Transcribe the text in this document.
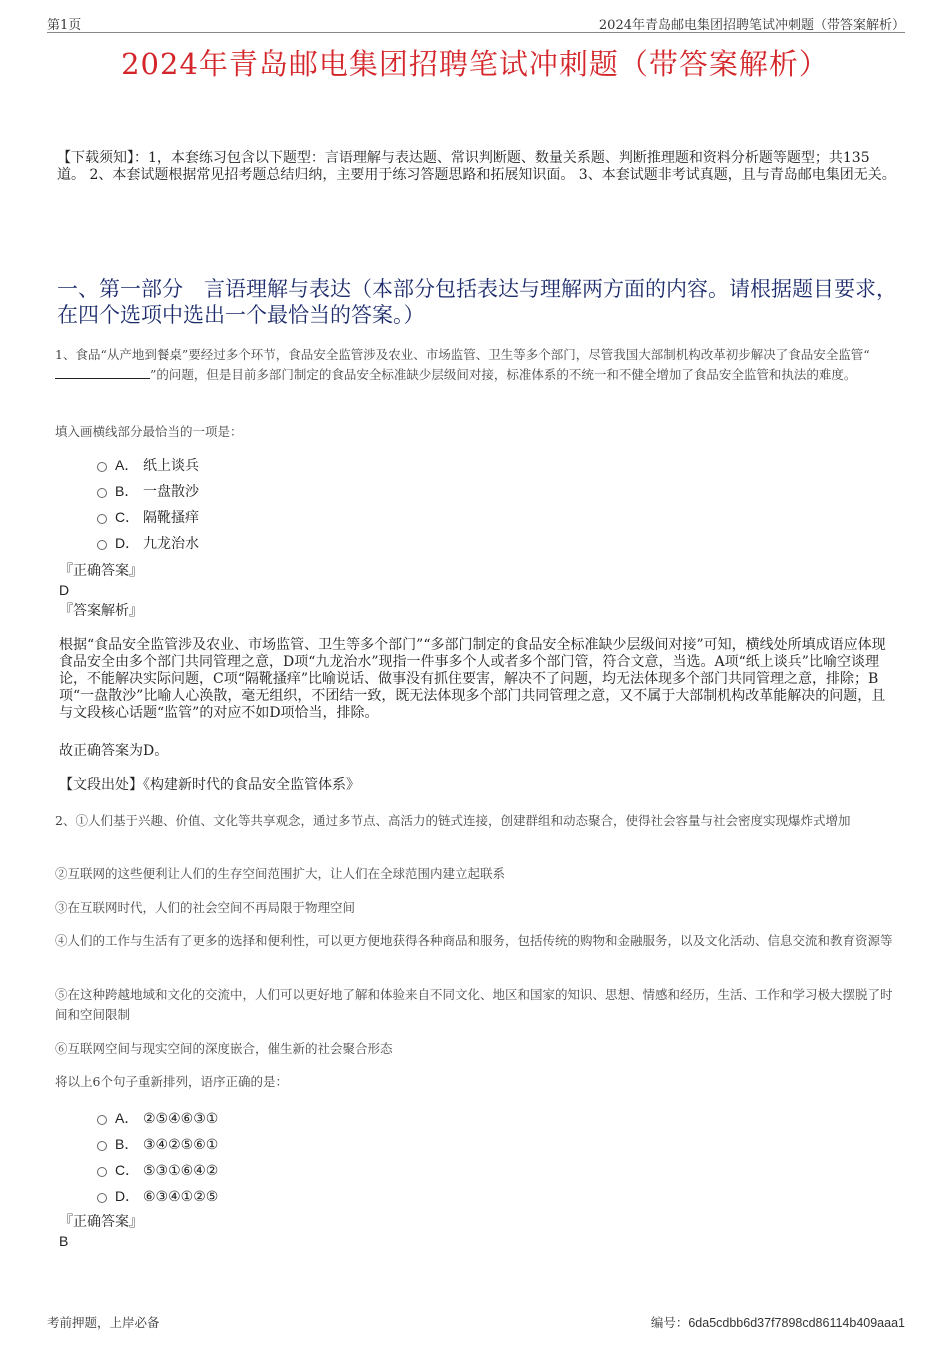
第1页	2024年青岛邮电集团招聘笔试冲刺题（带答案解析）
2024年青岛邮电集团招聘笔试冲刺题（带答案解析）
【下载须知】：1，本套练习包含以下题型：言语理解与表达题、常识判断题、数量关系题、判断推理题和资料分析题等题型；共135道。 2、本套试题根据常见招考题总结归纳，主要用于练习答题思路和拓展知识面。 3、本套试题非考试真题，且与青岛邮电集团无关。
一、第一部分　言语理解与表达（本部分包括表达与理解两方面的内容。请根据题目要求，在四个选项中选出一个最恰当的答案。）
1、食品“从产地到餐桌”要经过多个环节，食品安全监管涉及农业、市场监管、卫生等多个部门，尽管我国大部制机构改革初步解决了食品安全监管“”的问题，但是目前多部门制定的食品安全标准缺少层级间对接，标准体系的不统一和不健全增加了食品安全监管和执法的难度。
填入画横线部分最恰当的一项是：
A． 纸上谈兵
B． 一盘散沙
C． 隔靴搔痒
D． 九龙治水
『正确答案』
D
『答案解析』
根据“食品安全监管涉及农业、市场监管、卫生等多个部门”“多部门制定的食品安全标准缺少层级间对接”可知，横线处所填成语应体现食品安全由多个部门共同管理之意，D项“九龙治水”现指一件事多个人或者多个部门管，符合文意，当选。A项“纸上谈兵”比喻空谈理论，不能解决实际问题，C项“隔靴搔痒”比喻说话、做事没有抓住要害，解决不了问题，均无法体现多个部门共同管理之意，排除；B项“一盘散沙”比喻人心涣散，毫无组织，不团结一致，既无法体现多个部门共同管理之意，又不属于大部制机构改革能解决的问题，且与文段核心话题“监管”的对应不如D项恰当，排除。
故正确答案为D。
【文段出处】《构建新时代的食品安全监管体系》
2、①人们基于兴趣、价值、文化等共享观念，通过多节点、高活力的链式连接，创建群组和动态聚合，使得社会容量与社会密度实现爆炸式增加
②互联网的这些便利让人们的生存空间范围扩大，让人们在全球范围内建立起联系
③在互联网时代，人们的社会空间不再局限于物理空间
④人们的工作与生活有了更多的选择和便利性，可以更方便地获得各种商品和服务，包括传统的购物和金融服务，以及文化活动、信息交流和教育资源等
⑤在这种跨越地域和文化的交流中，人们可以更好地了解和体验来自不同文化、地区和国家的知识、思想、情感和经历，生活、工作和学习极大摆脱了时间和空间限制
⑥互联网空间与现实空间的深度嵌合，催生新的社会聚合形态
将以上6个句子重新排列，语序正确的是：
A． ②⑤④⑥③①
B． ③④②⑤⑥①
C． ⑤③①⑥④②
D． ⑥③④①②⑤
『正确答案』
B
考前押题，上岸必备	编号：6da5cdbb6d37f7898cd86114b409aaa1
